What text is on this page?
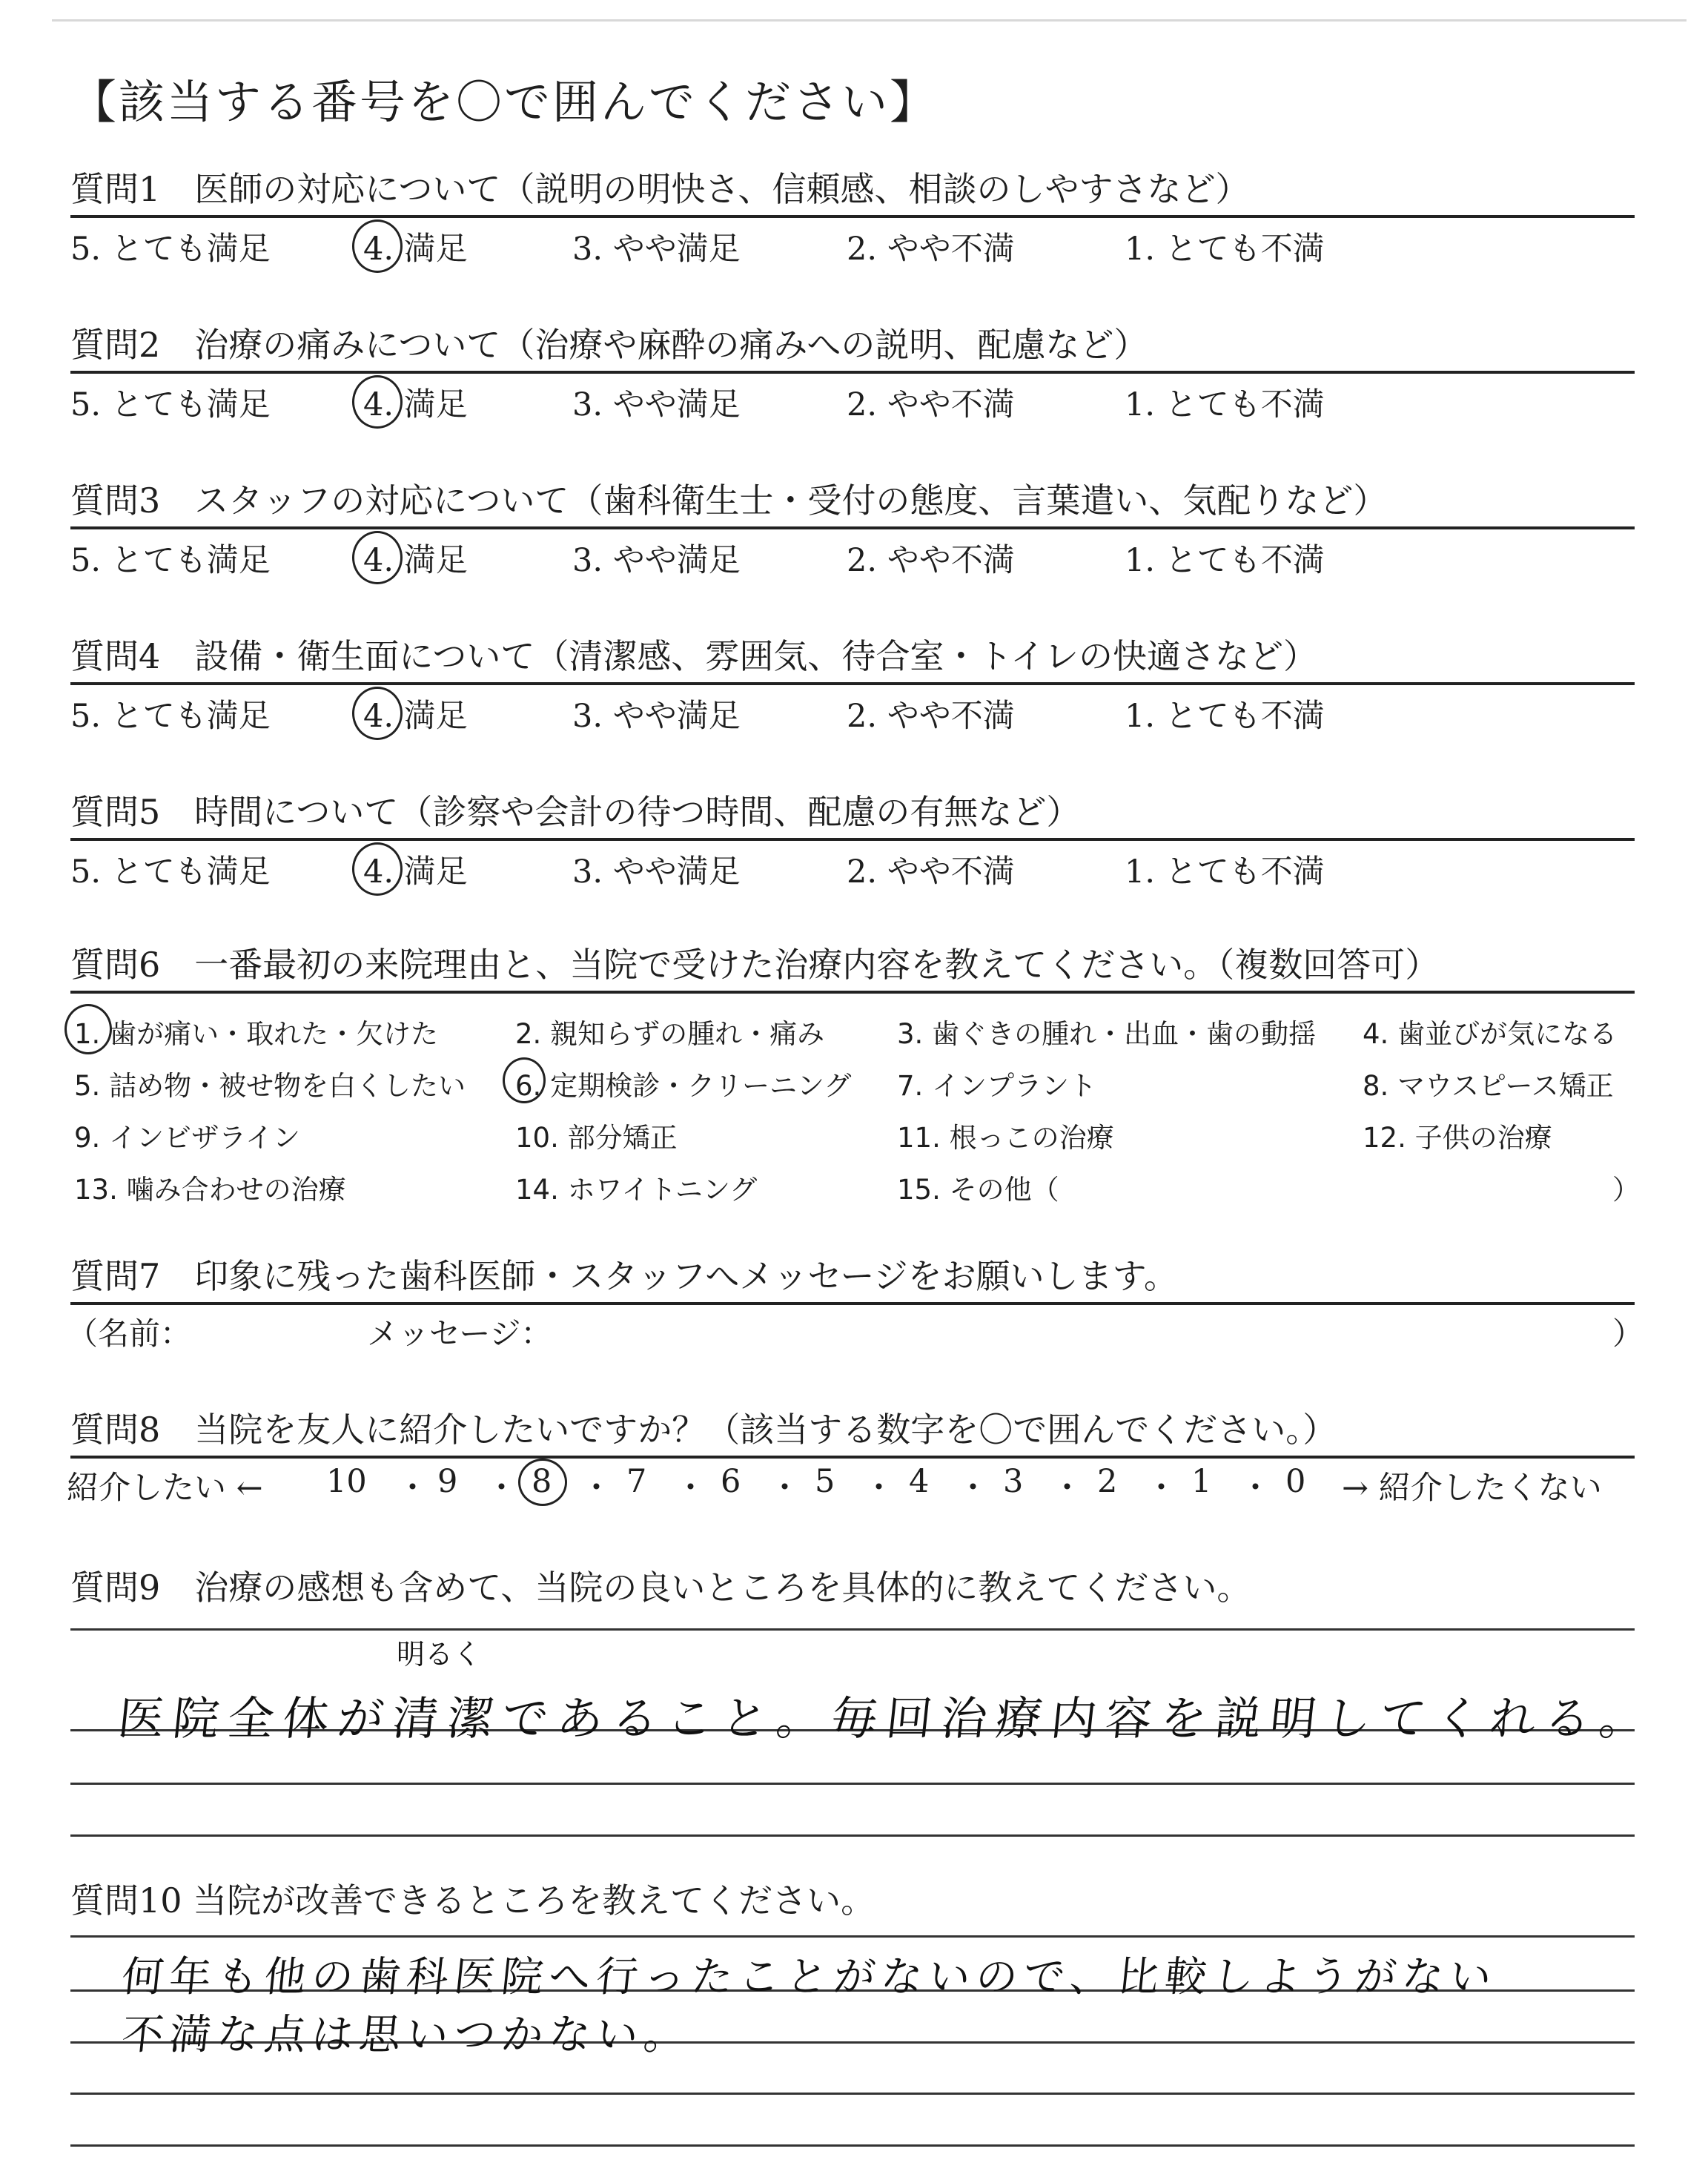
【該当する番号を〇で囲んでください】
質問1　医師の対応について（説明の明快さ、信頼感、相談のしやすさなど）
5. とても満足	4. 満足	3. やや満足	2. やや不満	1. とても不満
質問2　治療の痛みについて（治療や麻酔の痛みへの説明、配慮など）
5. とても満足	4. 満足	3. やや満足	2. やや不満	1. とても不満
質問3　スタッフの対応について（歯科衛生士・受付の態度、言葉遣い、気配りなど）
5. とても満足	4. 満足	3. やや満足	2. やや不満	1. とても不満
質問4　設備・衛生面について（清潔感、雰囲気、待合室・トイレの快適さなど）
5. とても満足	4. 満足	3. やや満足	2. やや不満	1. とても不満
質問5　時間について（診察や会計の待つ時間、配慮の有無など）
5. とても満足	4. 満足	3. やや満足	2. やや不満	1. とても不満
質問6　一番最初の来院理由と、当院で受けた治療内容を教えてください。（複数回答可）
1. 歯が痛い・取れた・欠けた	2. 親知らずの腫れ・痛み	3. 歯ぐきの腫れ・出血・歯の動揺 4. 歯並びが気になる
5. 詰め物・被せ物を白くしたい 6. 定期検診・クリーニング 7. インプラント	8. マウスピース矯正
9. インビザライン	10. 部分矯正	11. 根っこの治療	12. 子供の治療
13. 噛み合わせの治療	14. ホワイトニング	15. その他（	）
質問7　印象に残った歯科医師・スタッフへメッセージをお願いします。
（名前：	メッセージ：	）
質問8　当院を友人に紹介したいですか？（該当する数字を〇で囲んでください。）
紹介したい ← 10 ・ 9 ・ 8 ・ 7 ・ 6 ・ 5 ・ 4 ・ 3 ・ 2 ・ 1 ・ 0 → 紹介したくない
質問9　治療の感想も含めて、当院の良いところを具体的に教えてください。
明るく
医院全体が清潔であること。毎回治療内容を説明してくれる。
質問10 当院が改善できるところを教えてください。
何年も他の歯科医院へ行ったことがないので、比較しようがない
不満な点は思いつかない。
